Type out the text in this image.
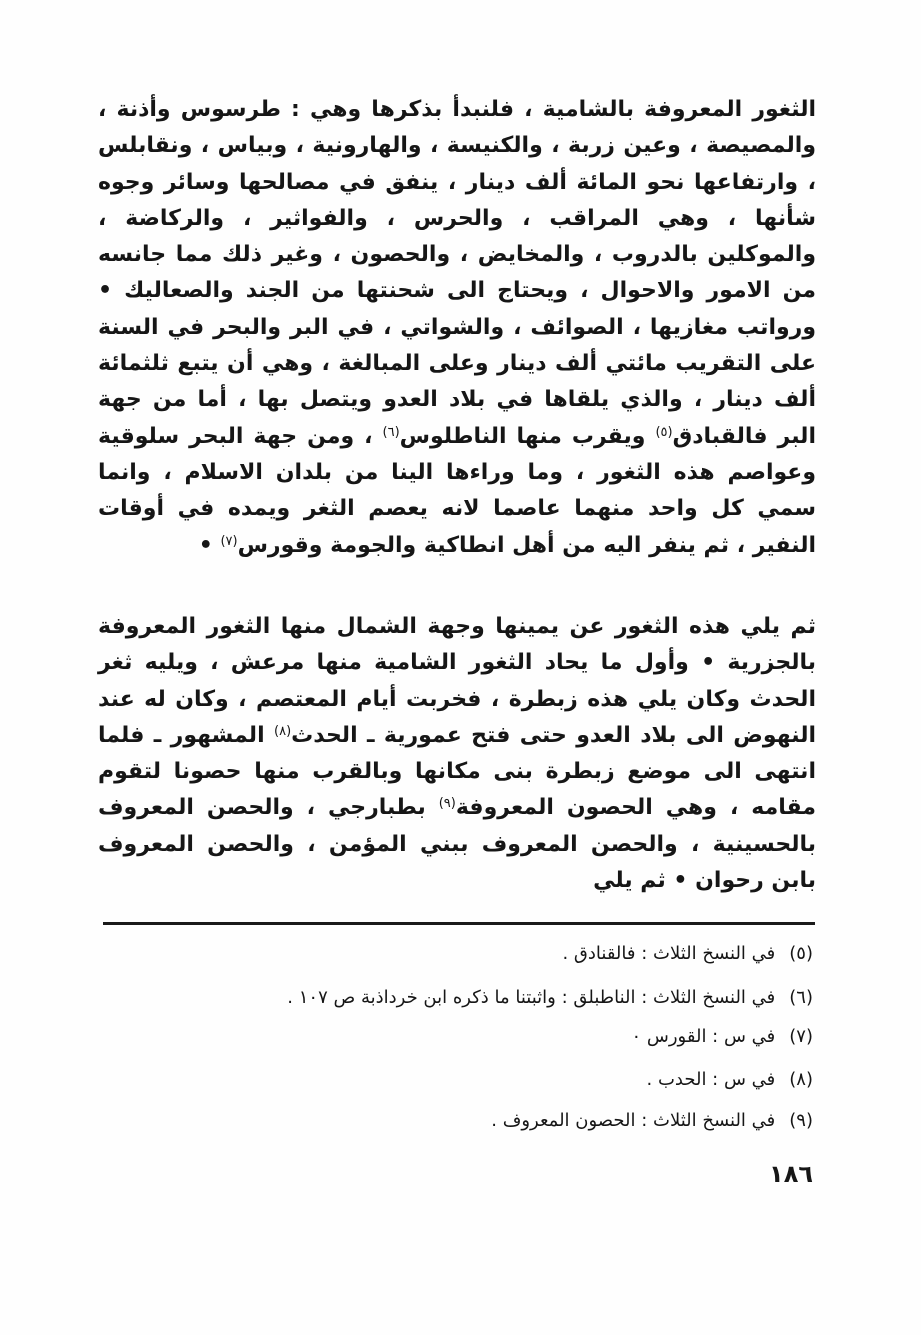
الثغور المعروفة بالشامية ، فلنبدأ بذكرها وهي : طرسوس وأذنة ، والمصيصة ، وعين زربة ، والكنيسة ، والهارونية ، وبياس ، ونقابلس ، وارتفاعها نحو المائة ألف دينار ، ينفق في مصالحها وسائر وجوه شأنها ، وهي المراقب ، والحرس ، والفواثير ، والركاضة ، والموكلين بالدروب ، والمخايض ، والحصون ، وغير ذلك مما جانسه من الامور والاحوال ، ويحتاج الى شحنتها من الجند والصعاليك • ورواتب مغازيها ، الصوائف ، والشواتي ، في البر والبحر في السنة على التقريب مائتي ألف دينار وعلى المبالغة ، وهي أن يتبع ثلثمائة ألف دينار ، والذي يلقاها في بلاد العدو ويتصل بها ، أما من جهة البر فالقبادق$^{(٥)}$ ويقرب منها الناطلوس$^{(٦)}$ ، ومن جهة البحر سلوقية وعواصم هذه الثغور ، وما وراءها الينا من بلدان الاسلام ، وانما سمي كل واحد منهما عاصما لانه يعصم الثغر ويمده في أوقات النفير ، ثم ينفر اليه من أهل انطاكية والجومة وقورس$^{(٧)}$ •

ثم يلي هذه الثغور عن يمينها وجهة الشمال منها الثغور المعروفة بالجزرية • وأول ما يحاد الثغور الشامية منها مرعش ، ويليه ثغر الحدث وكان يلي هذه زبطرة ، فخربت أيام المعتصم ، وكان له عند النهوض الى بلاد العدو حتى فتح عمورية ـ الحدث$^{(٨)}$ المشهور ـ فلما انتهى الى موضع زبطرة بنى مكانها وبالقرب منها حصونا لتقوم مقامه ، وهي الحصون المعروفة$^{(٩)}$ بطبارجي ، والحصن المعروف بالحسينية ، والحصن المعروف ببني المؤمن ، والحصن المعروف بابن رحوان • ثم يلي

(٥)في النسخ الثلاث : فالقنادق .

(٦)في النسخ الثلاث : الناطبلق : واثبتنا ما ذكره ابن خرداذبة ص ١٠٧ .

(٧)في س : القورس ٠

(٨)في س : الحدب .

(٩)في النسخ الثلاث : الحصون المعروف .

١٨٦
